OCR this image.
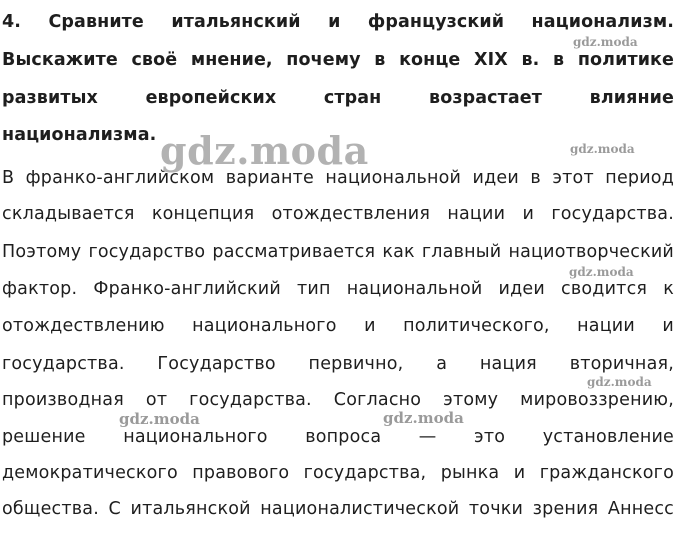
4. Сравните итальянский и французский национализм.
Выскажите своё мнение, почему в конце XIX в. в политике
развитых европейских стран возрастает влияние
национализма.
В франко-английском варианте национальной идеи в этот период
складывается концепция отождествления нации и государства.
Поэтому государство рассматривается как главный нациотворческий
фактор. Франко-английский тип национальной идеи сводится к
отождествлению национального и политического, нации и
государства. Государство первично, а нация вторичная,
производная от государства. Согласно этому мировоззрению,
решение национального вопроса — это установление
демократического правового государства, рынка и гражданского
общества. С итальянской националистической точки зрения Аннесс
gdz.moda
gdz.moda
gdz.moda
gdz.moda
gdz.moda
gdz.moda	gdz.moda
